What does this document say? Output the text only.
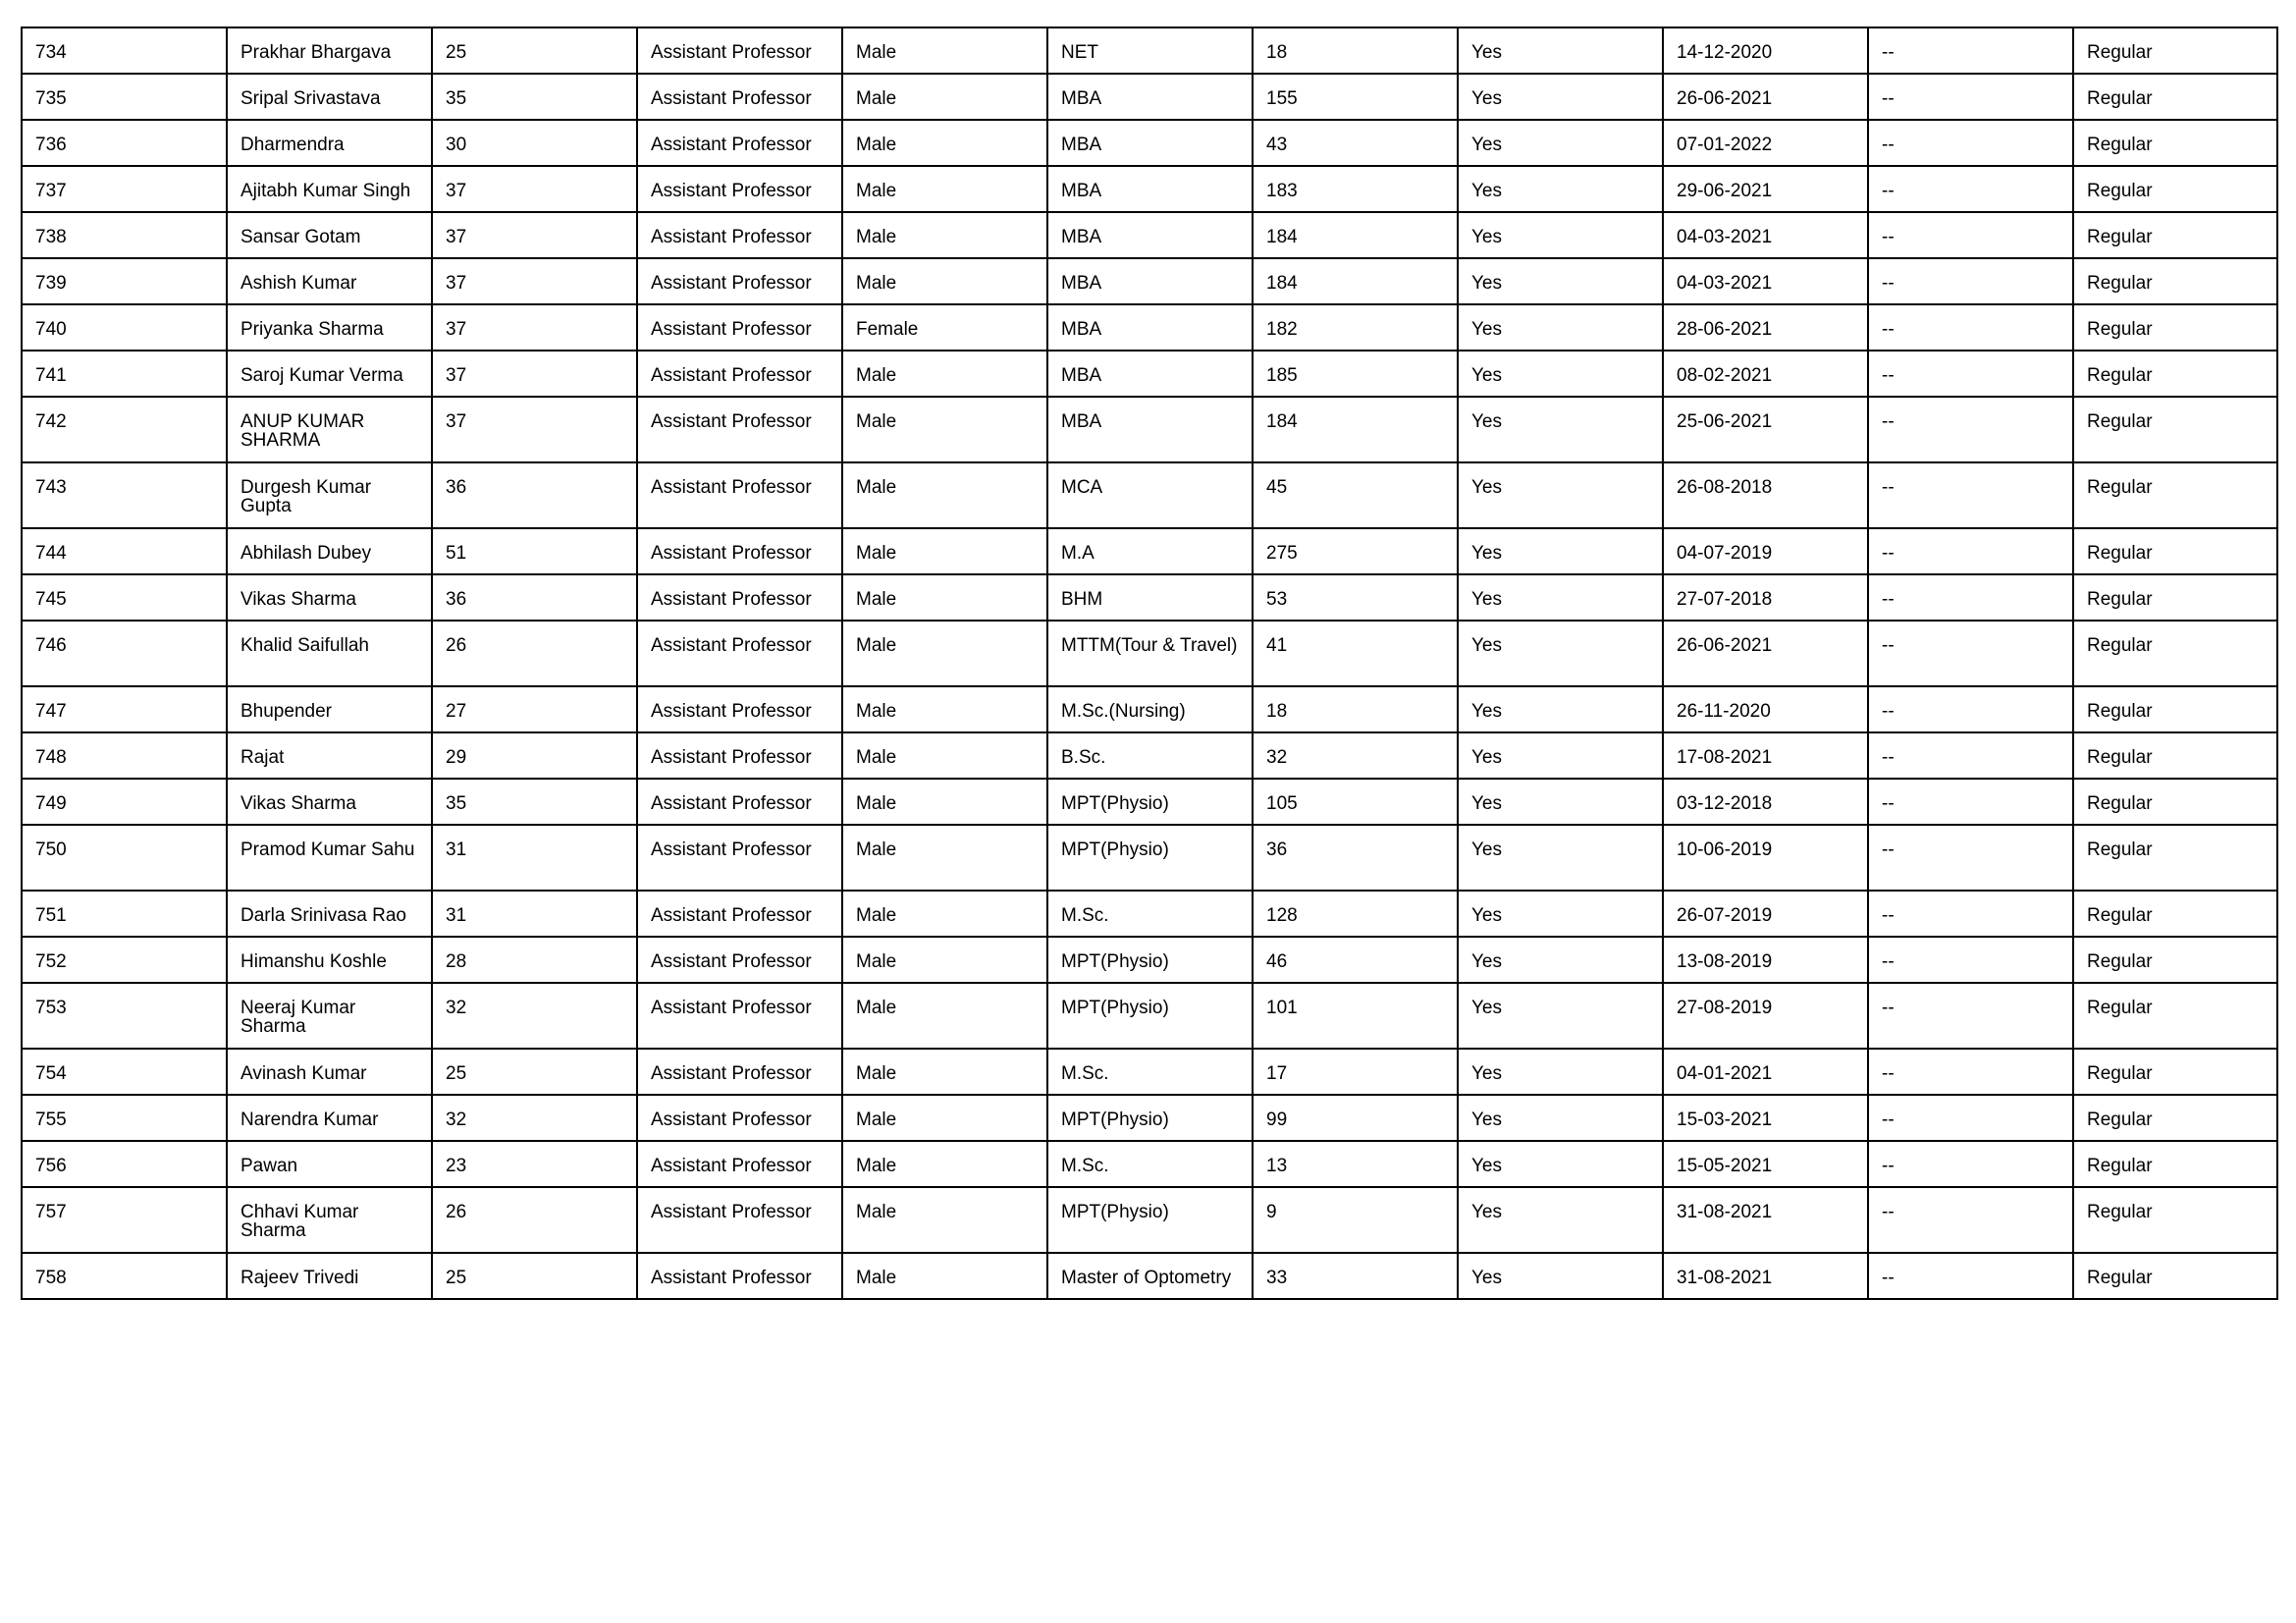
734	Prakhar Bhargava	25	Assistant Professor	Male	NET	18	Yes	14-12-2020	--	Regular
735	Sripal Srivastava	35	Assistant Professor	Male	MBA	155	Yes	26-06-2021	--	Regular
736	Dharmendra	30	Assistant Professor	Male	MBA	43	Yes	07-01-2022	--	Regular
737	Ajitabh Kumar Singh	37	Assistant Professor	Male	MBA	183	Yes	29-06-2021	--	Regular
738	Sansar Gotam	37	Assistant Professor	Male	MBA	184	Yes	04-03-2021	--	Regular
739	Ashish Kumar	37	Assistant Professor	Male	MBA	184	Yes	04-03-2021	--	Regular
740	Priyanka Sharma	37	Assistant Professor	Female	MBA	182	Yes	28-06-2021	--	Regular
741	Saroj Kumar Verma	37	Assistant Professor	Male	MBA	185	Yes	08-02-2021	--	Regular
742	ANUP KUMAR SHARMA	37	Assistant Professor	Male	MBA	184	Yes	25-06-2021	--	Regular
743	Durgesh Kumar Gupta	36	Assistant Professor	Male	MCA	45	Yes	26-08-2018	--	Regular
744	Abhilash Dubey	51	Assistant Professor	Male	M.A	275	Yes	04-07-2019	--	Regular
745	Vikas Sharma	36	Assistant Professor	Male	BHM	53	Yes	27-07-2018	--	Regular
746	Khalid Saifullah	26	Assistant Professor	Male	MTTM(Tour & Travel)	41	Yes	26-06-2021	--	Regular
747	Bhupender	27	Assistant Professor	Male	M.Sc.(Nursing)	18	Yes	26-11-2020	--	Regular
748	Rajat	29	Assistant Professor	Male	B.Sc.	32	Yes	17-08-2021	--	Regular
749	Vikas Sharma	35	Assistant Professor	Male	MPT(Physio)	105	Yes	03-12-2018	--	Regular
750	Pramod Kumar Sahu	31	Assistant Professor	Male	MPT(Physio)	36	Yes	10-06-2019	--	Regular
751	Darla Srinivasa Rao	31	Assistant Professor	Male	M.Sc.	128	Yes	26-07-2019	--	Regular
752	Himanshu Koshle	28	Assistant Professor	Male	MPT(Physio)	46	Yes	13-08-2019	--	Regular
753	Neeraj Kumar Sharma	32	Assistant Professor	Male	MPT(Physio)	101	Yes	27-08-2019	--	Regular
754	Avinash Kumar	25	Assistant Professor	Male	M.Sc.	17	Yes	04-01-2021	--	Regular
755	Narendra Kumar	32	Assistant Professor	Male	MPT(Physio)	99	Yes	15-03-2021	--	Regular
756	Pawan	23	Assistant Professor	Male	M.Sc.	13	Yes	15-05-2021	--	Regular
757	Chhavi Kumar Sharma	26	Assistant Professor	Male	MPT(Physio)	9	Yes	31-08-2021	--	Regular
758	Rajeev Trivedi	25	Assistant Professor	Male	Master of Optometry	33	Yes	31-08-2021	--	Regular
